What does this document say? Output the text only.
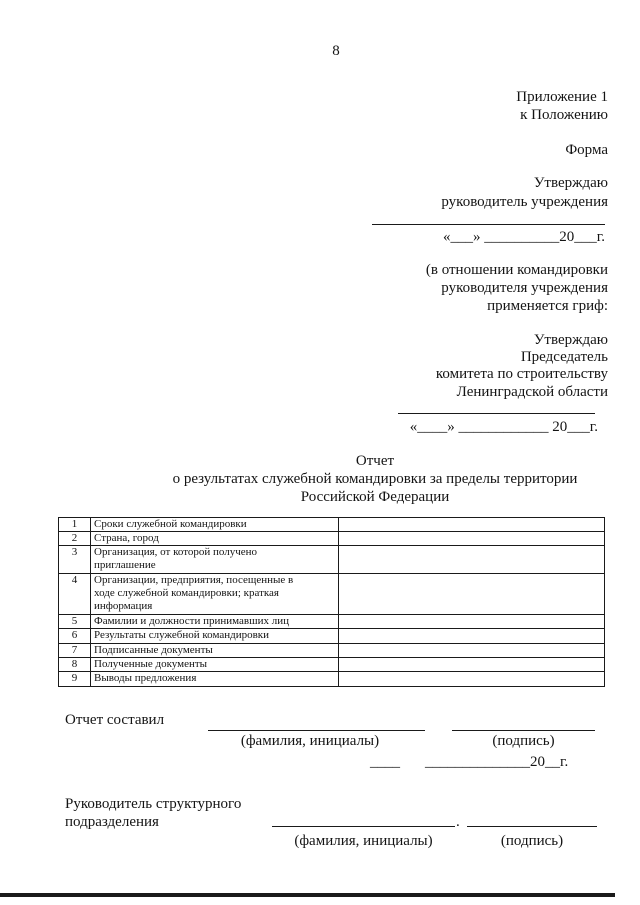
8
Приложение 1
к Положению
Форма
Утверждаю
руководитель учреждения
«___» __________20___г.
(в отношении командировки
руководителя учреждения
применяется гриф:
Утверждаю
Председатель
комитета по строительству
Ленинградской области
«____» ____________ 20___г.
Отчет
о результатах служебной командировки за пределы территории
Российской Федерации
1	Сроки служебной командировки	

2	Страна, город	

3	Организация, от которой получено
приглашение	

4	Организации, предприятия, посещенные в
ходе служебной командировки; краткая
информация	

5	Фамилии и должности принимавших лиц	

6	Результаты служебной командировки	

7	Подписанные документы	

8	Полученные документы	

9	Выводы предложения	

Отчет составил
(фамилия, инициалы)	(подпись)
____ ______________20__г.
Руководитель структурного
подразделения	.
(фамилия, инициалы)	(подпись)
